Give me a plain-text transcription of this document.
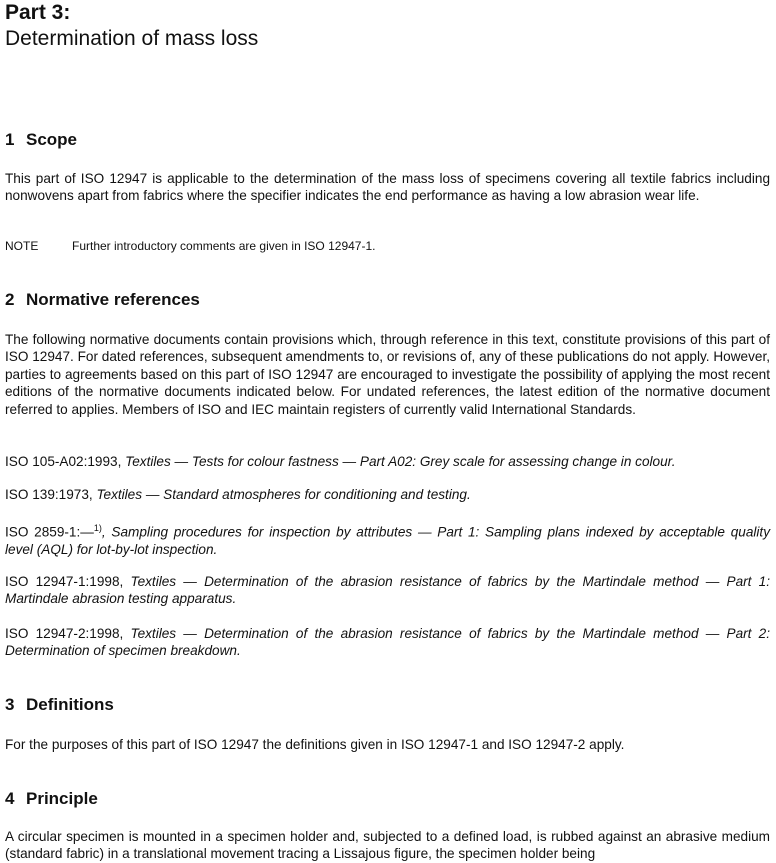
Part 3:
Determination of mass loss
1 Scope
This part of ISO 12947 is applicable to the determination of the mass loss of specimens covering all textile fabrics including nonwovens apart from fabrics where the specifier indicates the end performance as having a low abrasion wear life.
NOTE	Further introductory comments are given in ISO 12947-1.
2 Normative references
The following normative documents contain provisions which, through reference in this text, constitute provisions of this part of ISO 12947. For dated references, subsequent amendments to, or revisions of, any of these publications do not apply. However, parties to agreements based on this part of ISO 12947 are encouraged to investigate the possibility of applying the most recent editions of the normative documents indicated below. For undated references, the latest edition of the normative document referred to applies. Members of ISO and IEC maintain registers of currently valid International Standards.
ISO 105-A02:1993, Textiles — Tests for colour fastness — Part A02: Grey scale for assessing change in colour.
ISO 139:1973, Textiles — Standard atmospheres for conditioning and testing.
ISO 2859-1:—$^{1)}$, Sampling procedures for inspection by attributes — Part 1: Sampling plans indexed by acceptable quality level (AQL) for lot-by-lot inspection.
ISO 12947-1:1998, Textiles — Determination of the abrasion resistance of fabrics by the Martindale method — Part 1: Martindale abrasion testing apparatus.
ISO 12947-2:1998, Textiles — Determination of the abrasion resistance of fabrics by the Martindale method — Part 2: Determination of specimen breakdown.
3 Definitions
For the purposes of this part of ISO 12947 the definitions given in ISO 12947-1 and ISO 12947-2 apply.
4 Principle
A circular specimen is mounted in a specimen holder and, subjected to a defined load, is rubbed against an abrasive medium (standard fabric) in a translational movement tracing a Lissajous figure, the specimen holder being
